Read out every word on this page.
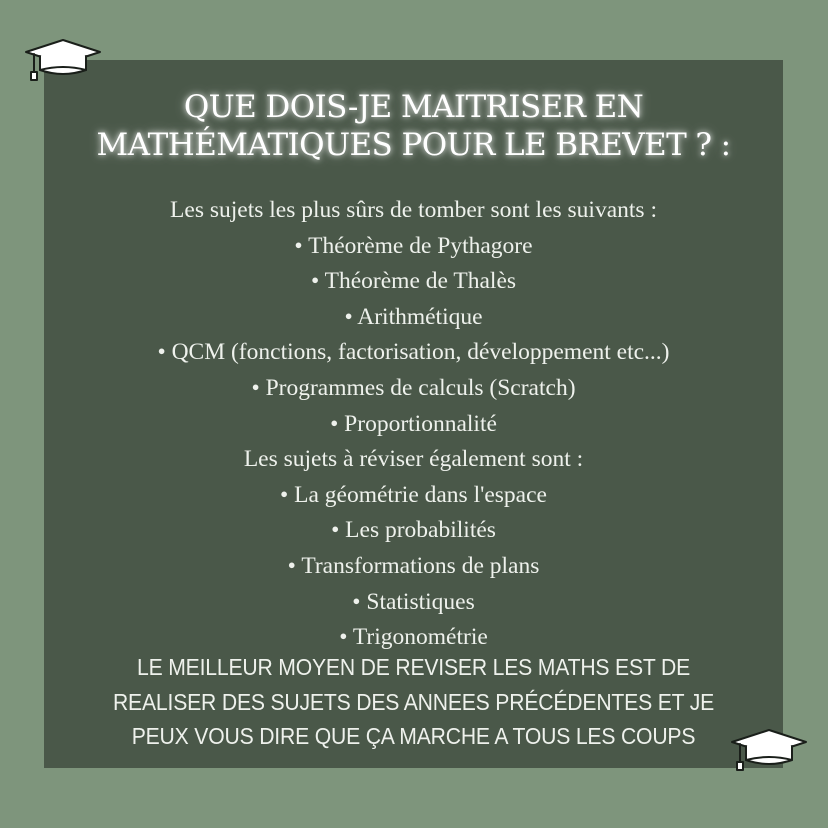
QUE DOIS-JE MAITRISER EN
MATHÉMATIQUES POUR LE BREVET ? :
Les sujets les plus sûrs de tomber sont les suivants :
• Théorème de Pythagore
• Théorème de Thalès
• Arithmétique
• QCM (fonctions, factorisation, développement etc...)
• Programmes de calculs (Scratch)
• Proportionnalité
Les sujets à réviser également sont :
• La géométrie dans l'espace
• Les probabilités
• Transformations de plans
• Statistiques
• Trigonométrie
LE MEILLEUR MOYEN DE REVISER LES MATHS EST DE
REALISER DES SUJETS DES ANNEES PRÉCÉDENTES ET JE
PEUX VOUS DIRE QUE ÇA MARCHE A TOUS LES COUPS
